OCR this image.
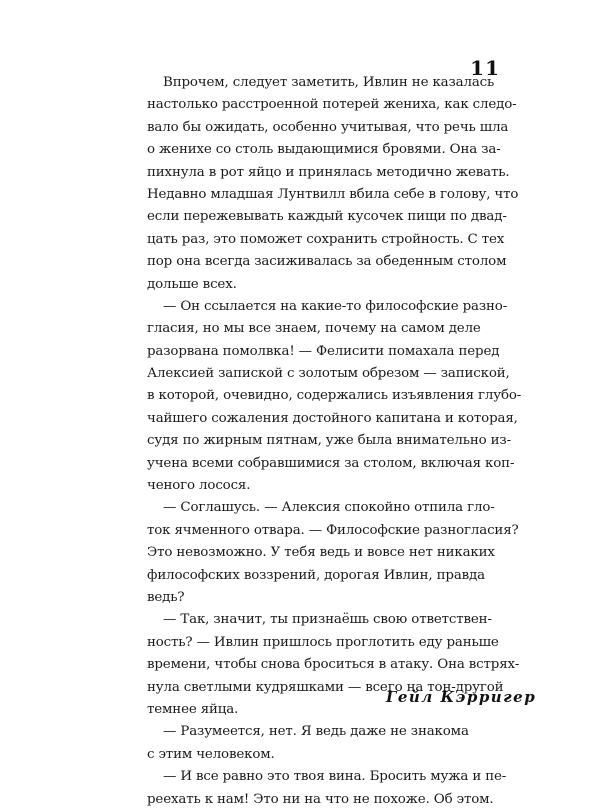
11
Впрочем, следует заметить, Ивлин не казалась
настолько расстроенной потерей жениха, как следо-
вало бы ожидать, особенно учитывая, что речь шла
о женихе со столь выдающимися бровями. Она за-
пихнула в рот яйцо и принялась методично жевать.
Недавно младшая Лунтвилл вбила себе в голову, что
если пережевывать каждый кусочек пищи по двад-
цать раз, это поможет сохранить стройность. С тех
пор она всегда засиживалась за обеденным столом
дольше всех.
— Он ссылается на какие-то философские разно-
гласия, но мы все знаем, почему на самом деле
разорвана помолвка! — Фелисити помахала перед
Алексией запиской с золотым обрезом — запиской,
в которой, очевидно, содержались изъявления глубо-
чайшего сожаления достойного капитана и которая,
судя по жирным пятнам, уже была внимательно из-
учена всеми собравшимися за столом, включая коп-
ченого лосося.
— Соглашусь. — Алексия спокойно отпила гло-
ток ячменного отвара. — Философские разногласия?
Это невозможно. У тебя ведь и вовсе нет никаких
философских воззрений, дорогая Ивлин, правда
ведь?
— Так, значит, ты признаёшь свою ответствен-
ность? — Ивлин пришлось проглотить еду раньше
времени, чтобы снова броситься в атаку. Она встрях-
нула светлыми кудряшками — всего на тон-другой
темнее яйца.
— Разумеется, нет. Я ведь даже не знакома
с этим человеком.
— И все равно это твоя вина. Бросить мужа и пе-
реехать к нам! Это ни на что не похоже. Об этом.
Гейл Кэрригер
